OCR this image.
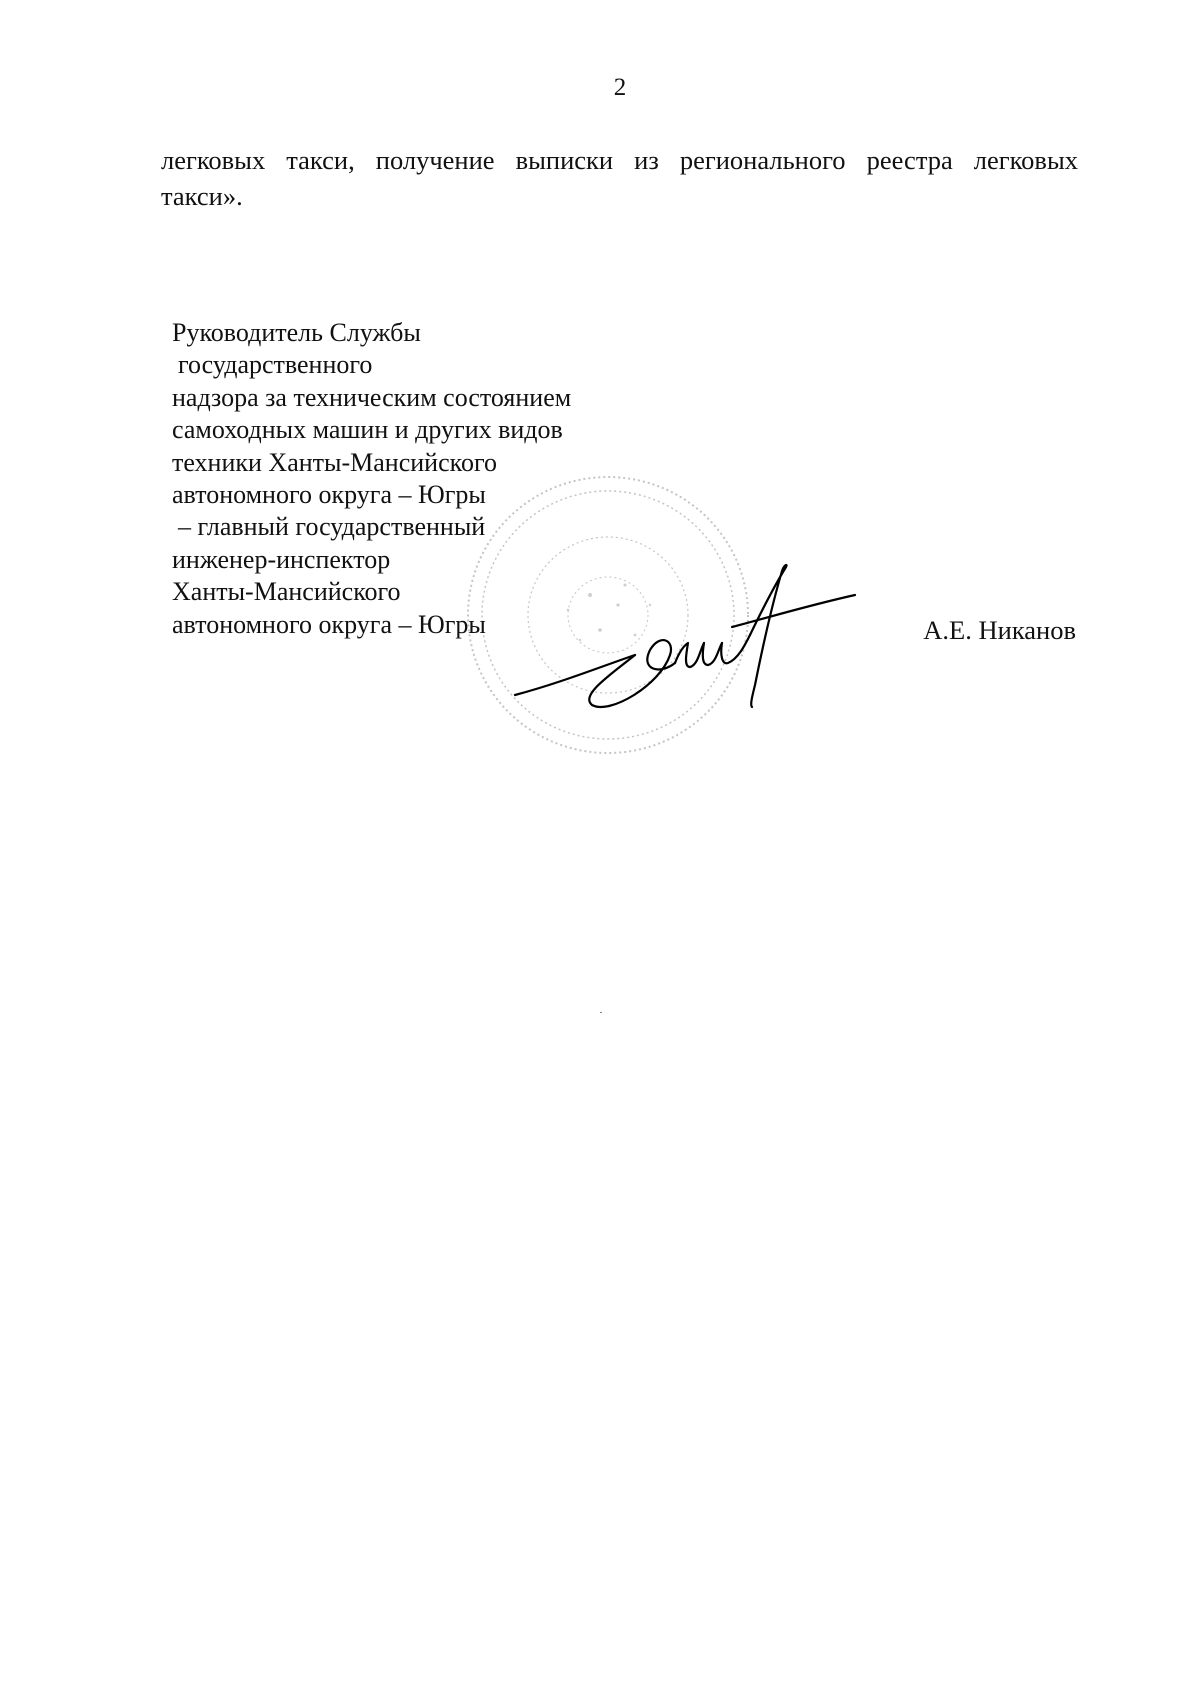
2
легковых такси, получение выписки из регионального реестра легковых
такси».
Руководитель Службы
государственного
надзора за техническим состоянием
самоходных машин и других видов
техники Ханты-Мансийского
автономного округа – Югры
– главный государственный
инженер-инспектор
Ханты-Мансийского
автономного округа – Югры	А.Е. Никанов
